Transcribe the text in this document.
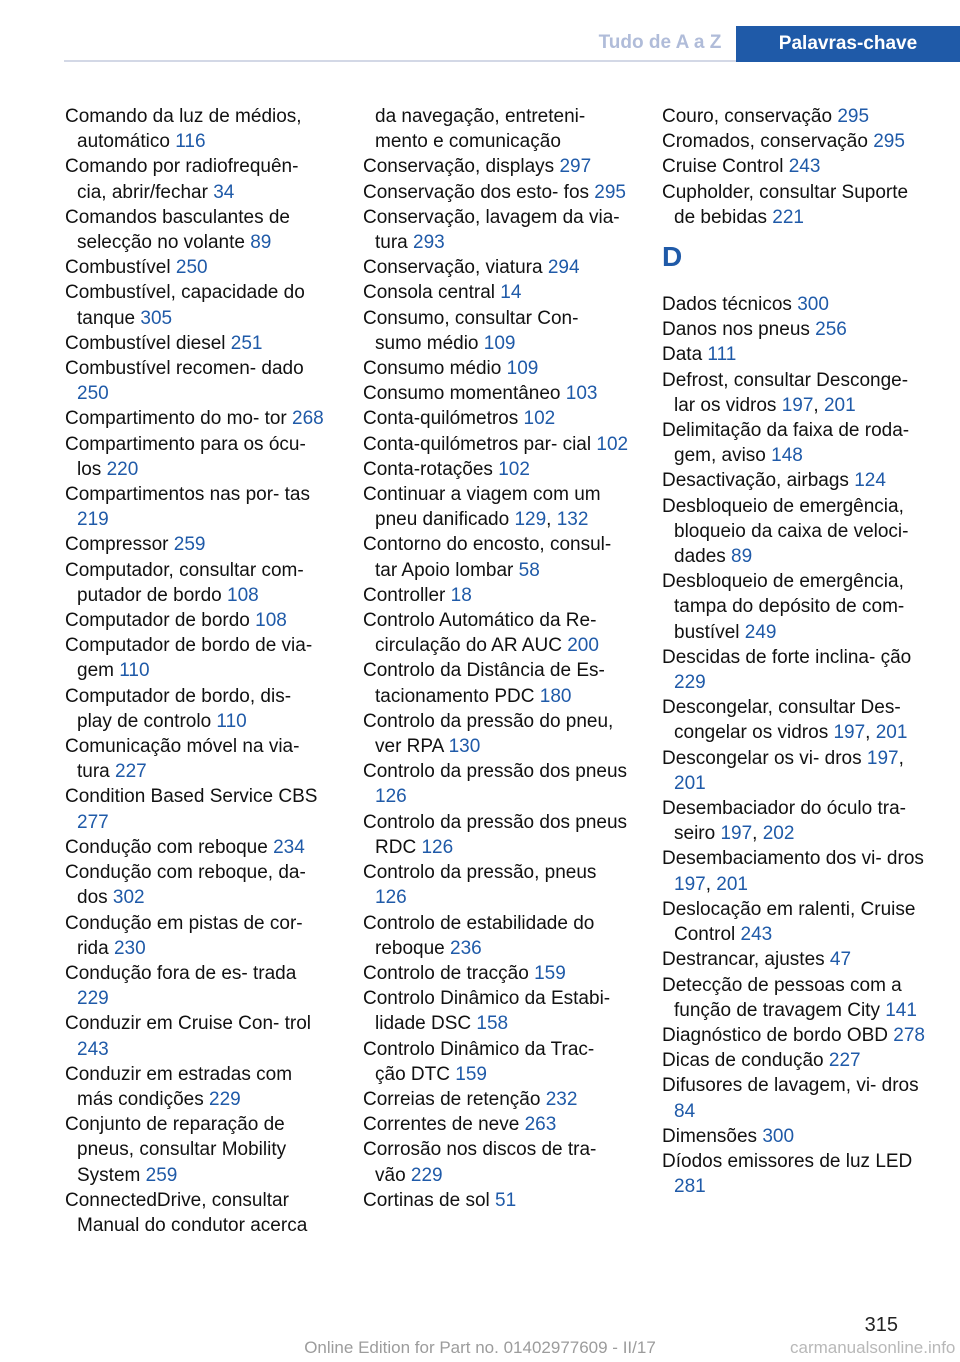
Tudo de A a Z	Palavras-chave
Comando da luz de médios, automático 116
Comando por radiofrequên‐ cia, abrir/fechar 34
Comandos basculantes de selecção no volante 89
Combustível 250
Combustível, capacidade do tanque 305
Combustível diesel 251
Combustível recomen‐ dado 250
Compartimento do mo‐ tor 268
Compartimento para os ócu‐ los 220
Compartimentos nas por‐ tas 219
Compressor 259
Computador, consultar com‐ putador de bordo 108
Computador de bordo 108
Computador de bordo de via‐ gem 110
Computador de bordo, dis‐ play de controlo 110
Comunicação móvel na via‐ tura 227
Condition Based Service CBS 277
Condução com reboque 234
Condução com reboque, da‐ dos 302
Condução em pistas de cor‐ rida 230
Condução fora de es‐ trada 229
Conduzir em Cruise Con‐ trol 243
Conduzir em estradas com más condições 229
Conjunto de reparação de pneus, consultar Mobility System 259
ConnectedDrive, consultar Manual do condutor acerca
da navegação, entreteni‐ mento e comunicação
Conservação, displays 297
Conservação dos esto‐ fos 295
Conservação, lavagem da via‐ tura 293
Conservação, viatura 294
Consola central 14
Consumo, consultar Con‐ sumo médio 109
Consumo médio 109
Consumo momentâneo 103
Conta-quilómetros 102
Conta-quilómetros par‐ cial 102
Conta-rotações 102
Continuar a viagem com um pneu danificado 129, 132
Contorno do encosto, consul‐ tar Apoio lombar 58
Controller 18
Controlo Automático da Re‐ circulação do AR AUC 200
Controlo da Distância de Es‐ tacionamento PDC 180
Controlo da pressão do pneu, ver RPA 130
Controlo da pressão dos pneus 126
Controlo da pressão dos pneus RDC 126
Controlo da pressão, pneus 126
Controlo de estabilidade do reboque 236
Controlo de tracção 159
Controlo Dinâmico da Estabi‐ lidade DSC 158
Controlo Dinâmico da Trac‐ ção DTC 159
Correias de retenção 232
Correntes de neve 263
Corrosão nos discos de tra‐ vão 229
Cortinas de sol 51
Couro, conservação 295
Cromados, conservação 295
Cruise Control 243
Cupholder, consultar Suporte de bebidas 221
D
Dados técnicos 300
Danos nos pneus 256
Data 111
Defrost, consultar Desconge‐ lar os vidros 197, 201
Delimitação da faixa de roda‐ gem, aviso 148
Desactivação, airbags 124
Desbloqueio de emergência, bloqueio da caixa de veloci‐ dades 89
Desbloqueio de emergência, tampa do depósito de com‐ bustível 249
Descidas de forte inclina‐ ção 229
Descongelar, consultar Des‐ congelar os vidros 197, 201
Descongelar os vi‐ dros 197, 201
Desembaciador do óculo tra‐ seiro 197, 202
Desembaciamento dos vi‐ dros 197, 201
Deslocação em ralenti, Cruise Control 243
Destrancar, ajustes 47
Detecção de pessoas com a função de travagem City 141
Diagnóstico de bordo OBD 278
Dicas de condução 227
Difusores de lavagem, vi‐ dros 84
Dimensões 300
Díodos emissores de luz LED 281
315
Online Edition for Part no. 01402977609 - II/17	carmanualsonline.info
